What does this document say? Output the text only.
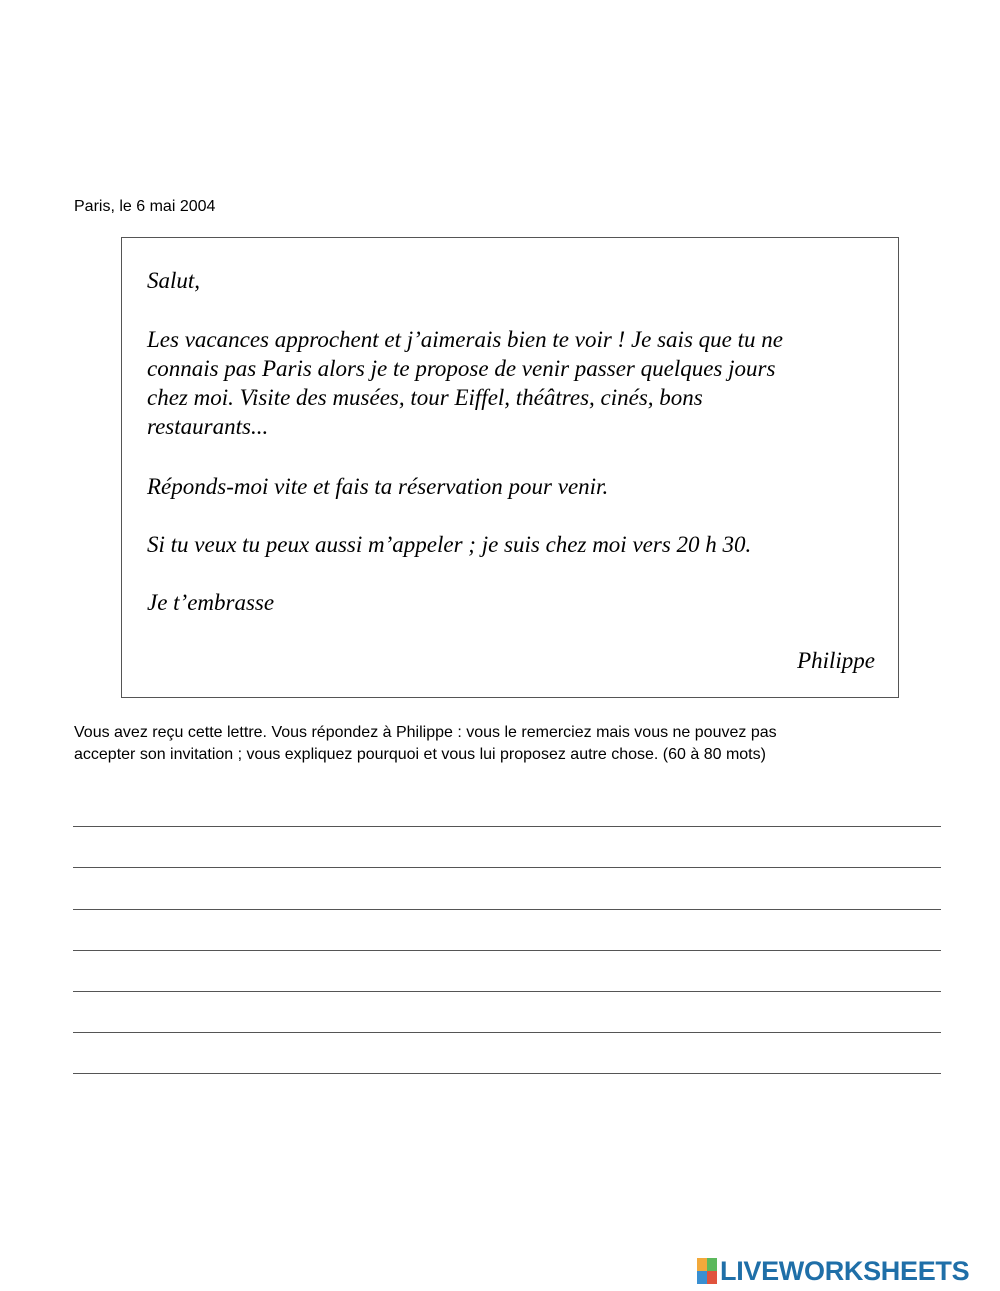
Paris, le 6 mai 2004
Salut,
Les vacances approchent et j’aimerais bien te voir ! Je sais que tu ne
connais pas Paris alors je te propose de venir passer quelques jours
chez moi. Visite des musées, tour Eiffel, théâtres, cinés, bons
restaurants...
Réponds-moi vite et fais ta réservation pour venir.
Si tu veux tu peux aussi m’appeler ; je suis chez moi vers 20 h 30.
Je t’embrasse
Philippe
Vous avez reçu cette lettre. Vous répondez à Philippe : vous le remerciez mais vous ne pouvez pas
accepter son invitation ; vous expliquez pourquoi et vous lui proposez autre chose. (60 à 80 mots)
LIVEWORKSHEETS
